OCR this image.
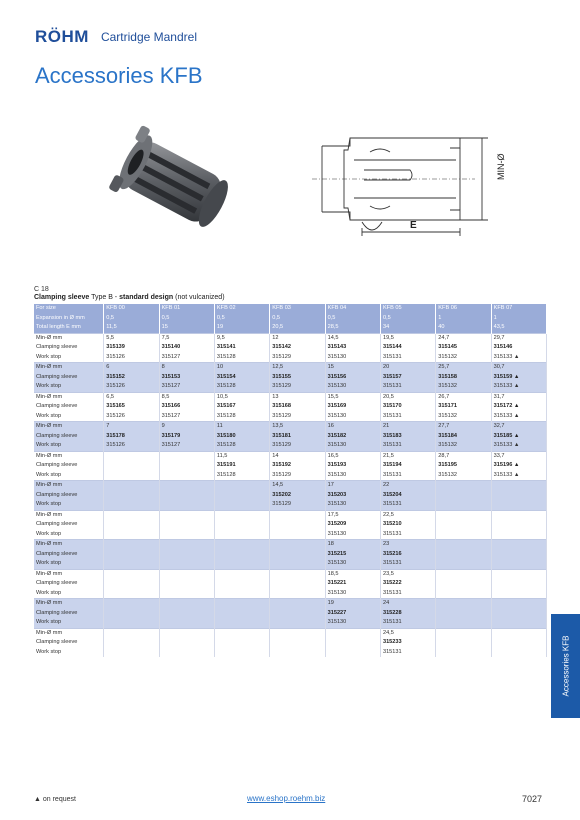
RÖHM Cartridge Mandrel
Accessories KFB
MIN-Ø
E
C 18
Clamping sleeve Type B - standard design (not vulcanized)
For size	KFB 00	KFB 01	KFB 02	KFB 03	KFB 04	KFB 05	KFB 06	KFB 07
Expansion in Ø mm	0,5	0,5	0,5	0,5	0,5	0,5	1	1
Total length E mm	11,5	15	19	20,5	28,5	34	40	43,5
Min-Ø mm	5,5	7,5	9,5	12	14,5	19,5	24,7	29,7
Clamping sleeve	315139	315140	315141	315142	315143	315144	315145	315146
Work stop	315126	315127	315128	315129	315130	315131	315132	315133 ▲
Min-Ø mm	6	8	10	12,5	15	20	25,7	30,7
Clamping sleeve	315152	315153	315154	315155	315156	315157	315158	315159 ▲
Work stop	315126	315127	315128	315129	315130	315131	315132	315133 ▲
Min-Ø mm	6,5	8,5	10,5	13	15,5	20,5	26,7	31,7
Clamping sleeve	315165	315166	315167	315168	315169	315170	315171	315172 ▲
Work stop	315126	315127	315128	315129	315130	315131	315132	315133 ▲
Min-Ø mm	7	9	11	13,5	16	21	27,7	32,7
Clamping sleeve	315178	315179	315180	315181	315182	315183	315184	315185 ▲
Work stop	315126	315127	315128	315129	315130	315131	315132	315133 ▲
Min-Ø mm			11,5	14	16,5	21,5	28,7	33,7
Clamping sleeve			315191	315192	315193	315194	315195	315196 ▲
Work stop			315128	315129	315130	315131	315132	315133 ▲
Min-Ø mm				14,5	17	22		
Clamping sleeve				315202	315203	315204		
Work stop				315129	315130	315131		
Min-Ø mm					17,5	22,5		
Clamping sleeve					315209	315210		
Work stop					315130	315131		
Min-Ø mm					18	23		
Clamping sleeve					315215	315216		
Work stop					315130	315131		
Min-Ø mm					18,5	23,5		
Clamping sleeve					315221	315222		
Work stop					315130	315131		
Min-Ø mm					19	24		
Clamping sleeve					315227	315228		
Work stop					315130	315131		
Min-Ø mm						24,5		
Clamping sleeve						315233		
Work stop						315131			Accessories KFB
▲ on request	www.eshop.roehm.biz	7027
